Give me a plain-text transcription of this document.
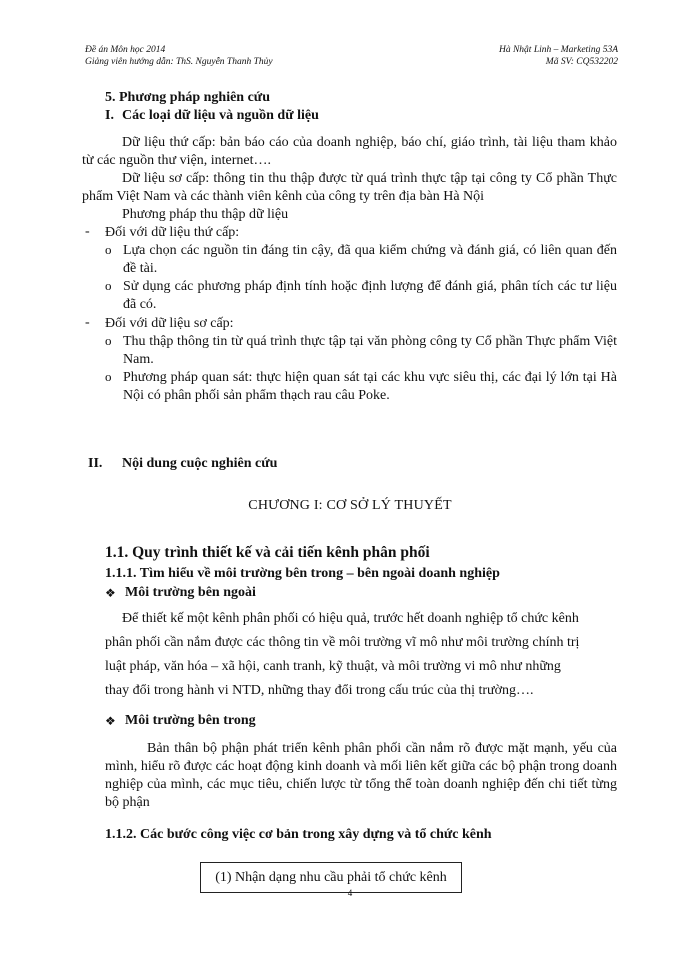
Đề án Môn học 2014
Giảng viên hướng dẫn: ThS. Nguyễn Thanh Thủy
Hà Nhật Linh – Marketing 53A
Mã SV: CQ532202
5. Phương pháp nghiên cứu
I. Các loại dữ liệu và nguồn dữ liệu
Dữ liệu thứ cấp: bản báo cáo của doanh nghiệp, báo chí, giáo trình, tài liệu tham khảo từ các nguồn thư viện, internet….
Dữ liệu sơ cấp: thông tin thu thập được từ quá trình thực tập tại công ty Cổ phần Thực phẩm Việt Nam và các thành viên kênh của công ty trên địa bàn Hà Nội
Phương pháp thu thập dữ liệu
- Đối với dữ liệu thứ cấp:
o Lựa chọn các nguồn tin đáng tin cậy, đã qua kiểm chứng và đánh giá, có liên quan đến đề tài.
o Sử dụng các phương pháp định tính hoặc định lượng để đánh giá, phân tích các tư liệu đã có.
- Đối với dữ liệu sơ cấp:
o Thu thập thông tin từ quá trình thực tập tại văn phòng công ty Cổ phần Thực phẩm Việt Nam.
o Phương pháp quan sát: thực hiện quan sát tại các khu vực siêu thị, các đại lý lớn tại Hà Nội có phân phối sản phẩm thạch rau câu Poke.
II. Nội dung cuộc nghiên cứu
CHƯƠNG I: CƠ SỞ LÝ THUYẾT
1.1. Quy trình thiết kế và cải tiến kênh phân phối
1.1.1. Tìm hiểu về môi trường bên trong – bên ngoài doanh nghiệp
❖ Môi trường bên ngoài
Để thiết kế một kênh phân phối có hiệu quả, trước hết doanh nghiệp tổ chức kênh
phân phối cần nắm được các thông tin về môi trường vĩ mô như môi trường chính trị
luật pháp, văn hóa – xã hội, canh tranh, kỹ thuật, và môi trường vi mô như những
thay đổi trong hành vi NTD, những thay đổi trong cấu trúc của thị trường….
❖ Môi trường bên trong
Bản thân bộ phận phát triển kênh phân phối cần nắm rõ được mặt mạnh, yếu của mình, hiểu rõ được các hoạt động kinh doanh và mối liên kết giữa các bộ phận trong doanh nghiệp của mình, các mục tiêu, chiến lược từ tổng thể toàn doanh nghiệp đến chi tiết từng bộ phận
1.1.2. Các bước công việc cơ bản trong xây dựng và tổ chức kênh
(1) Nhận dạng nhu cầu phải tổ chức kênh
4
